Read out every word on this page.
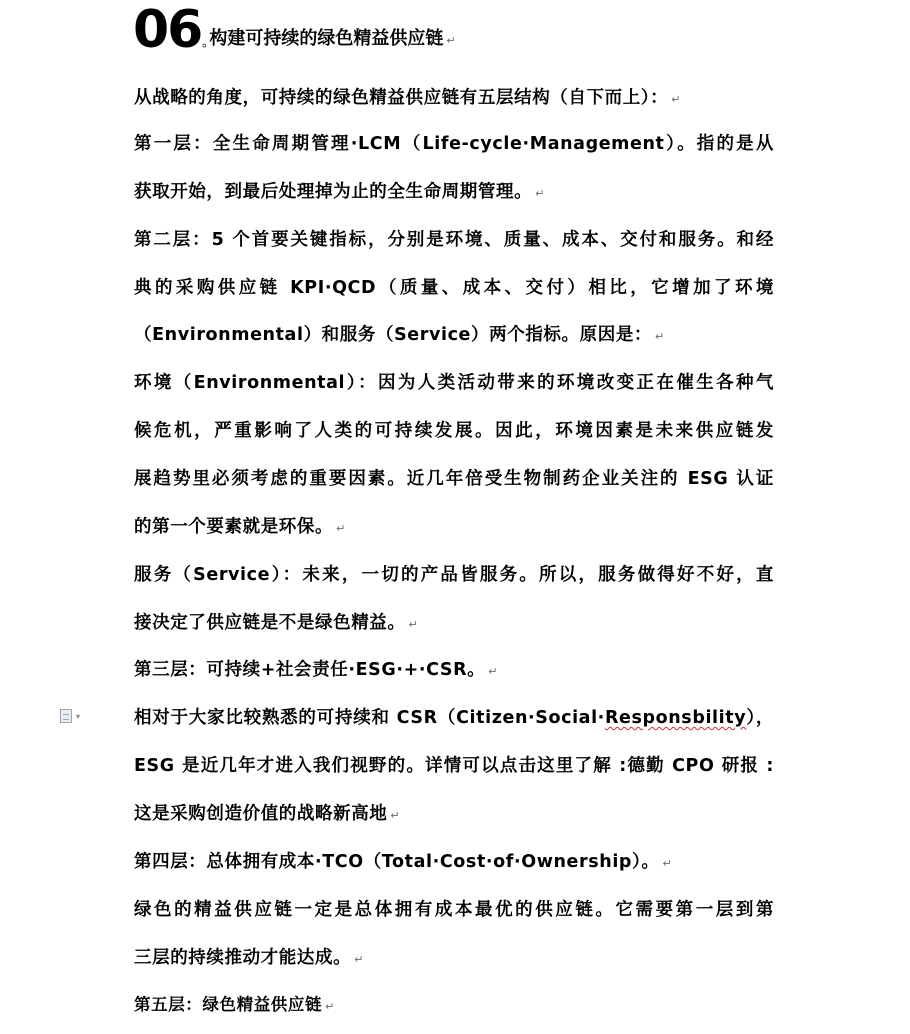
06 ° 构建可持续的绿色精益供应链 ↵
▾
从战略的角度，可持续的绿色精益供应链有五层结构（自下而上）： ↵
第一层：全生命周期管理·LCM（Life-cycle·Management）。指的是从
获取开始，到最后处理掉为止的全生命周期管理。 ↵
第二层：5 个首要关键指标，分别是环境、质量、成本、交付和服务。和经
典的采购供应链 KPI·QCD（质量、成本、交付）相比，它增加了环境
（Environmental）和服务（Service）两个指标。原因是： ↵
环境（Environmental）：因为人类活动带来的环境改变正在催生各种气
候危机，严重影响了人类的可持续发展。因此，环境因素是未来供应链发
展趋势里必须考虑的重要因素。近几年倍受生物制药企业关注的 ESG 认证
的第一个要素就是环保。 ↵
服务（Service）：未来，一切的产品皆服务。所以，服务做得好不好，直
接决定了供应链是不是绿色精益。 ↵
第三层：可持续+社会责任·ESG·+·CSR。 ↵
相对于大家比较熟悉的可持续和 CSR（Citizen·Social·Responsbility），
ESG 是近几年才进入我们视野的。详情可以点击这里了解 :德勤 CPO 研报 :
这是采购创造价值的战略新高地 ↵
第四层：总体拥有成本·TCO（Total·Cost·of·Ownership）。 ↵
绿色的精益供应链一定是总体拥有成本最优的供应链。它需要第一层到第
三层的持续推动才能达成。 ↵
第五层：绿色精益供应链 ↵
